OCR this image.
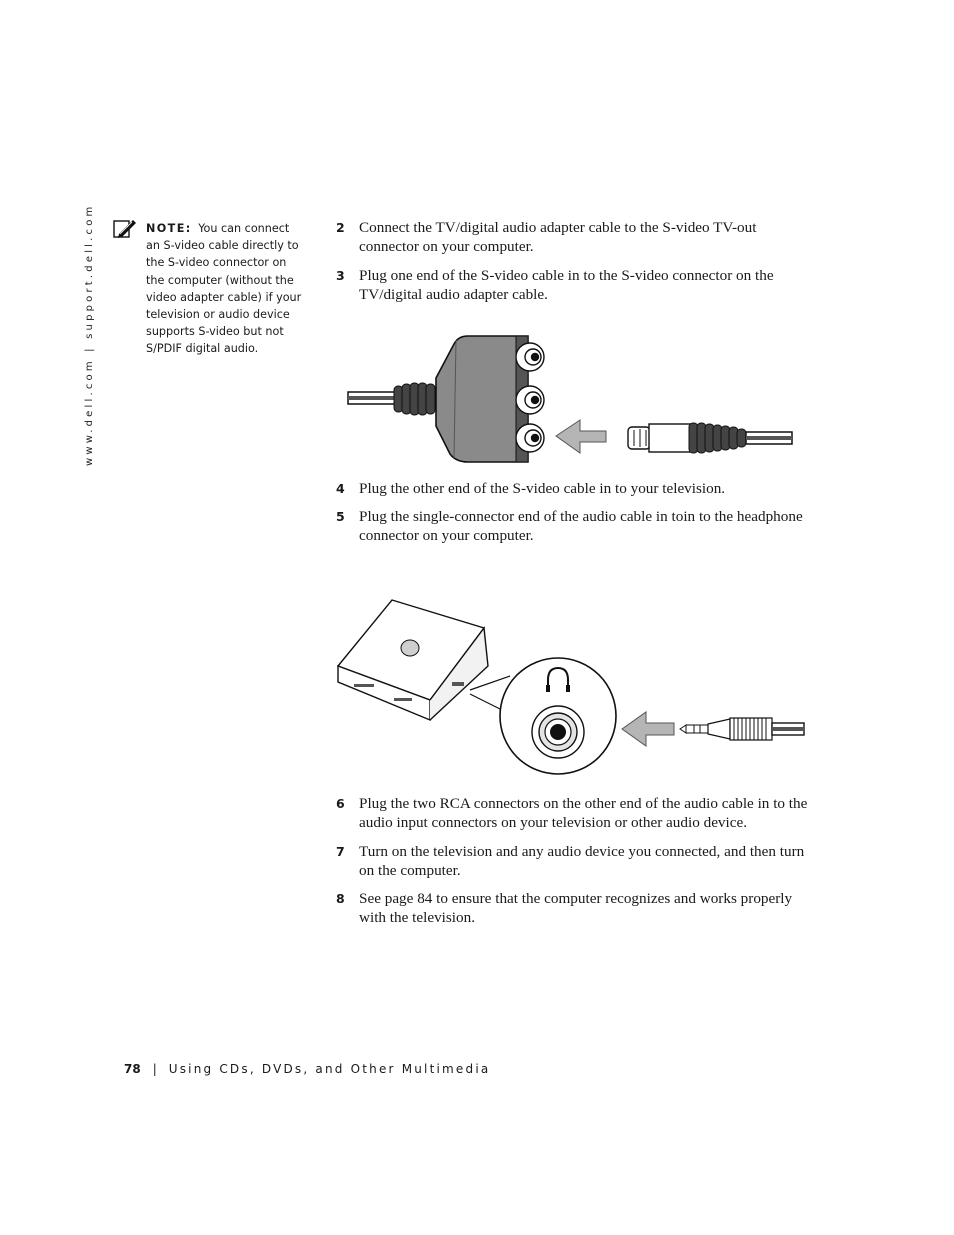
www.dell.com | support.dell.com	NOTE: You can connect an S-video cable directly to the S-video connector on the computer (without the video adapter cable) if your television or audio device supports S-video but not S/PDIF digital audio.
2 Connect the TV/digital audio adapter cable to the S-video TV-out connector on your computer.
3 Plug one end of the S-video cable in to the S-video connector on the TV/digital audio adapter cable.
4 Plug the other end of the S-video cable in to your television.
5 Plug the single-connector end of the audio cable in toin to the headphone connector on your computer.
6 Plug the two RCA connectors on the other end of the audio cable in to the audio input connectors on your television or other audio device.
7 Turn on the television and any audio device you connected, and then turn on the computer.
8 See page 84 to ensure that the computer recognizes and works properly with the television.
78 | Using CDs, DVDs, and Other Multimedia
